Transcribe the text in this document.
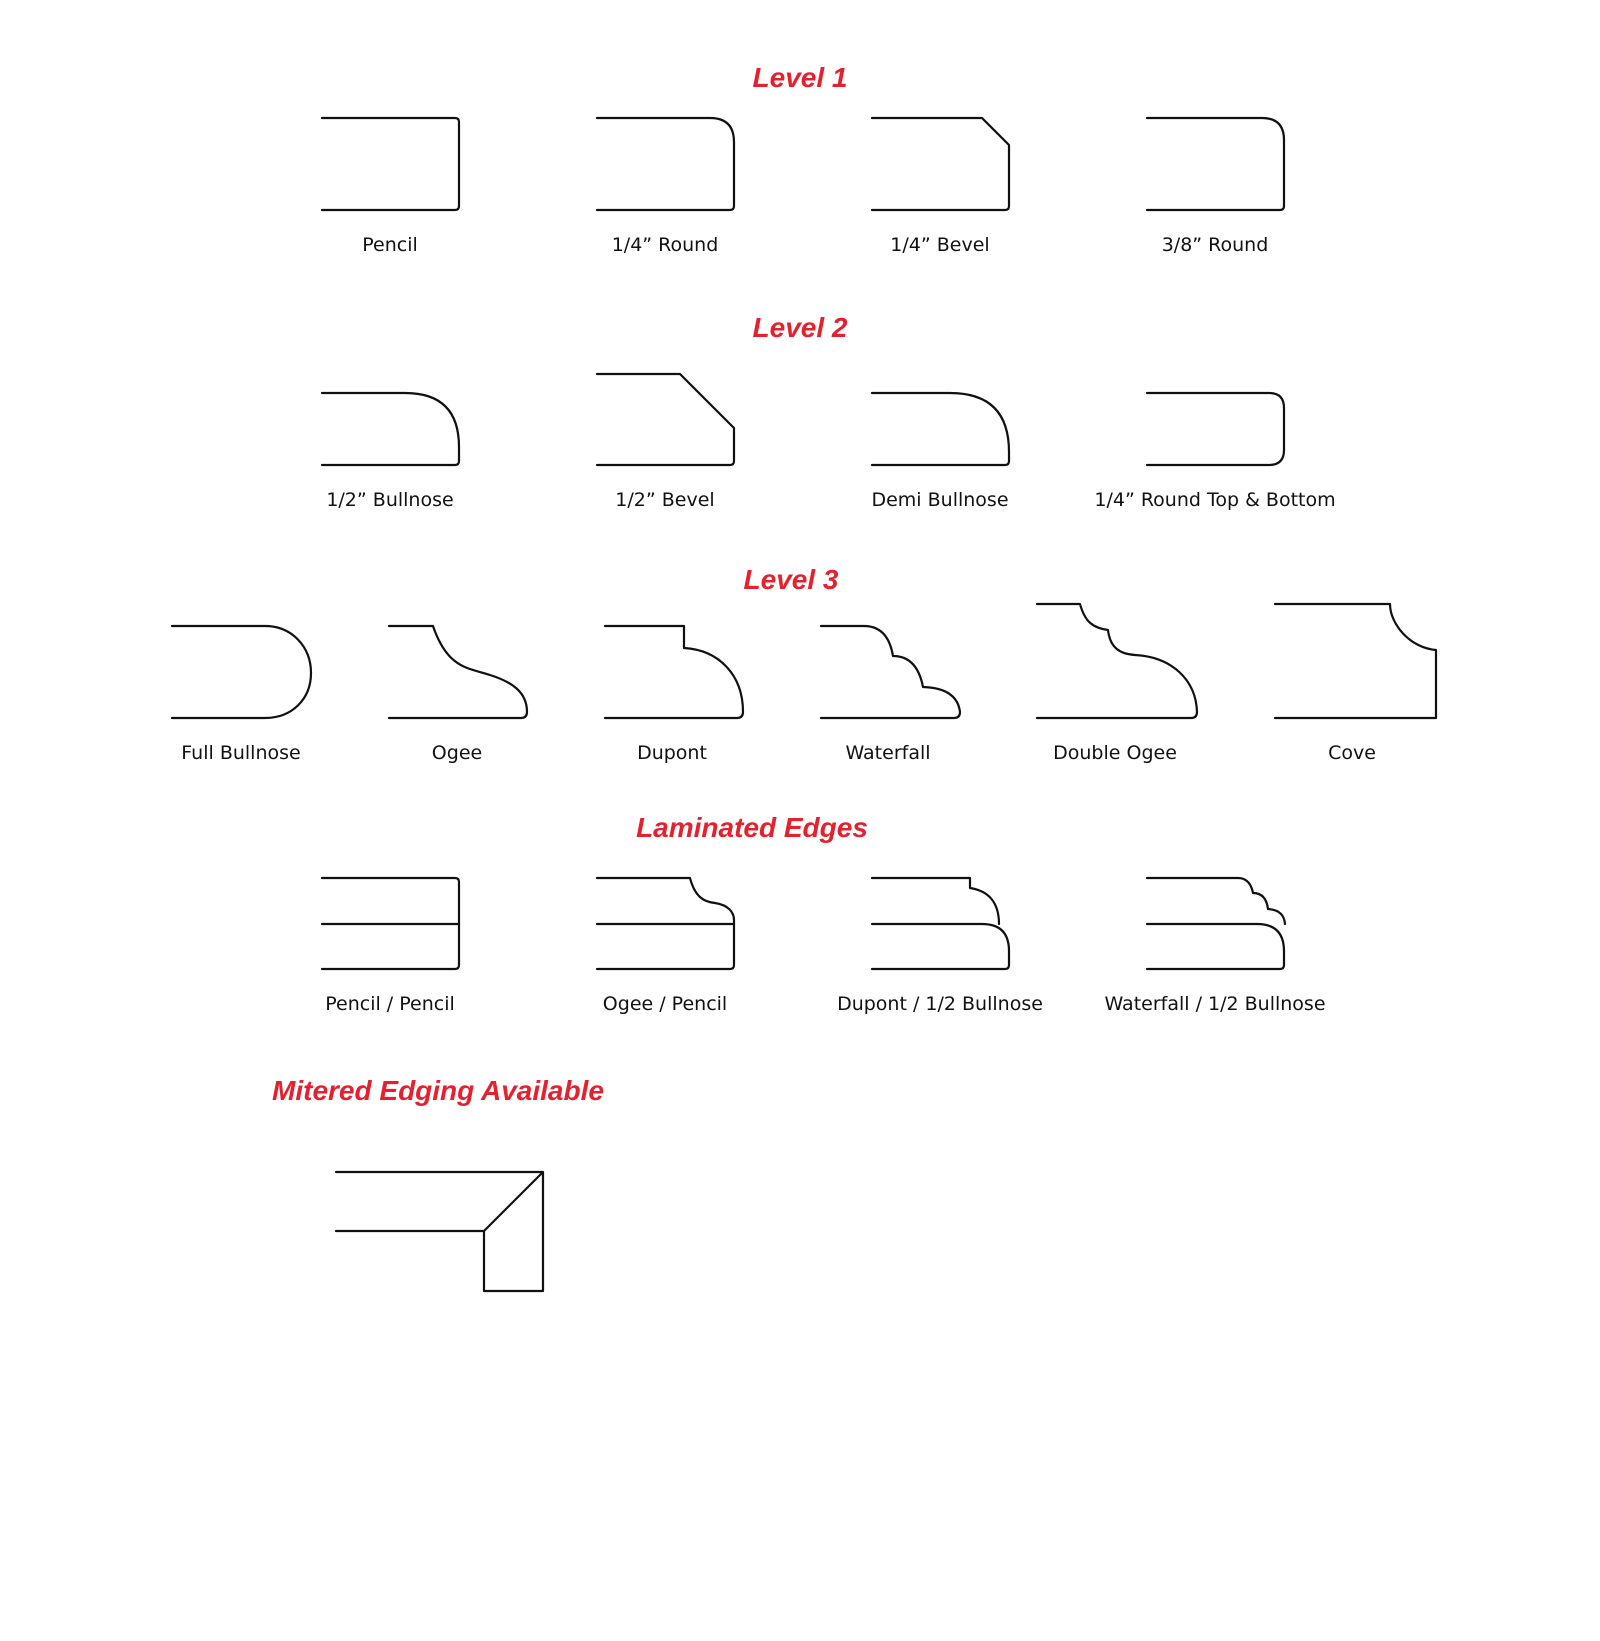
Level 1
Level 2
Level 3
Laminated Edges
Mitered Edging Available
Pencil	1/4” Round	1/4” Bevel	3/8” Round
1/2” Bullnose	1/2” Bevel	Demi Bullnose	1/4” Round Top & Bottom
Full Bullnose	Ogee	Dupont	Waterfall	Double Ogee	Cove
Pencil / Pencil	Ogee / Pencil	Dupont / 1/2 Bullnose	Waterfall / 1/2 Bullnose
